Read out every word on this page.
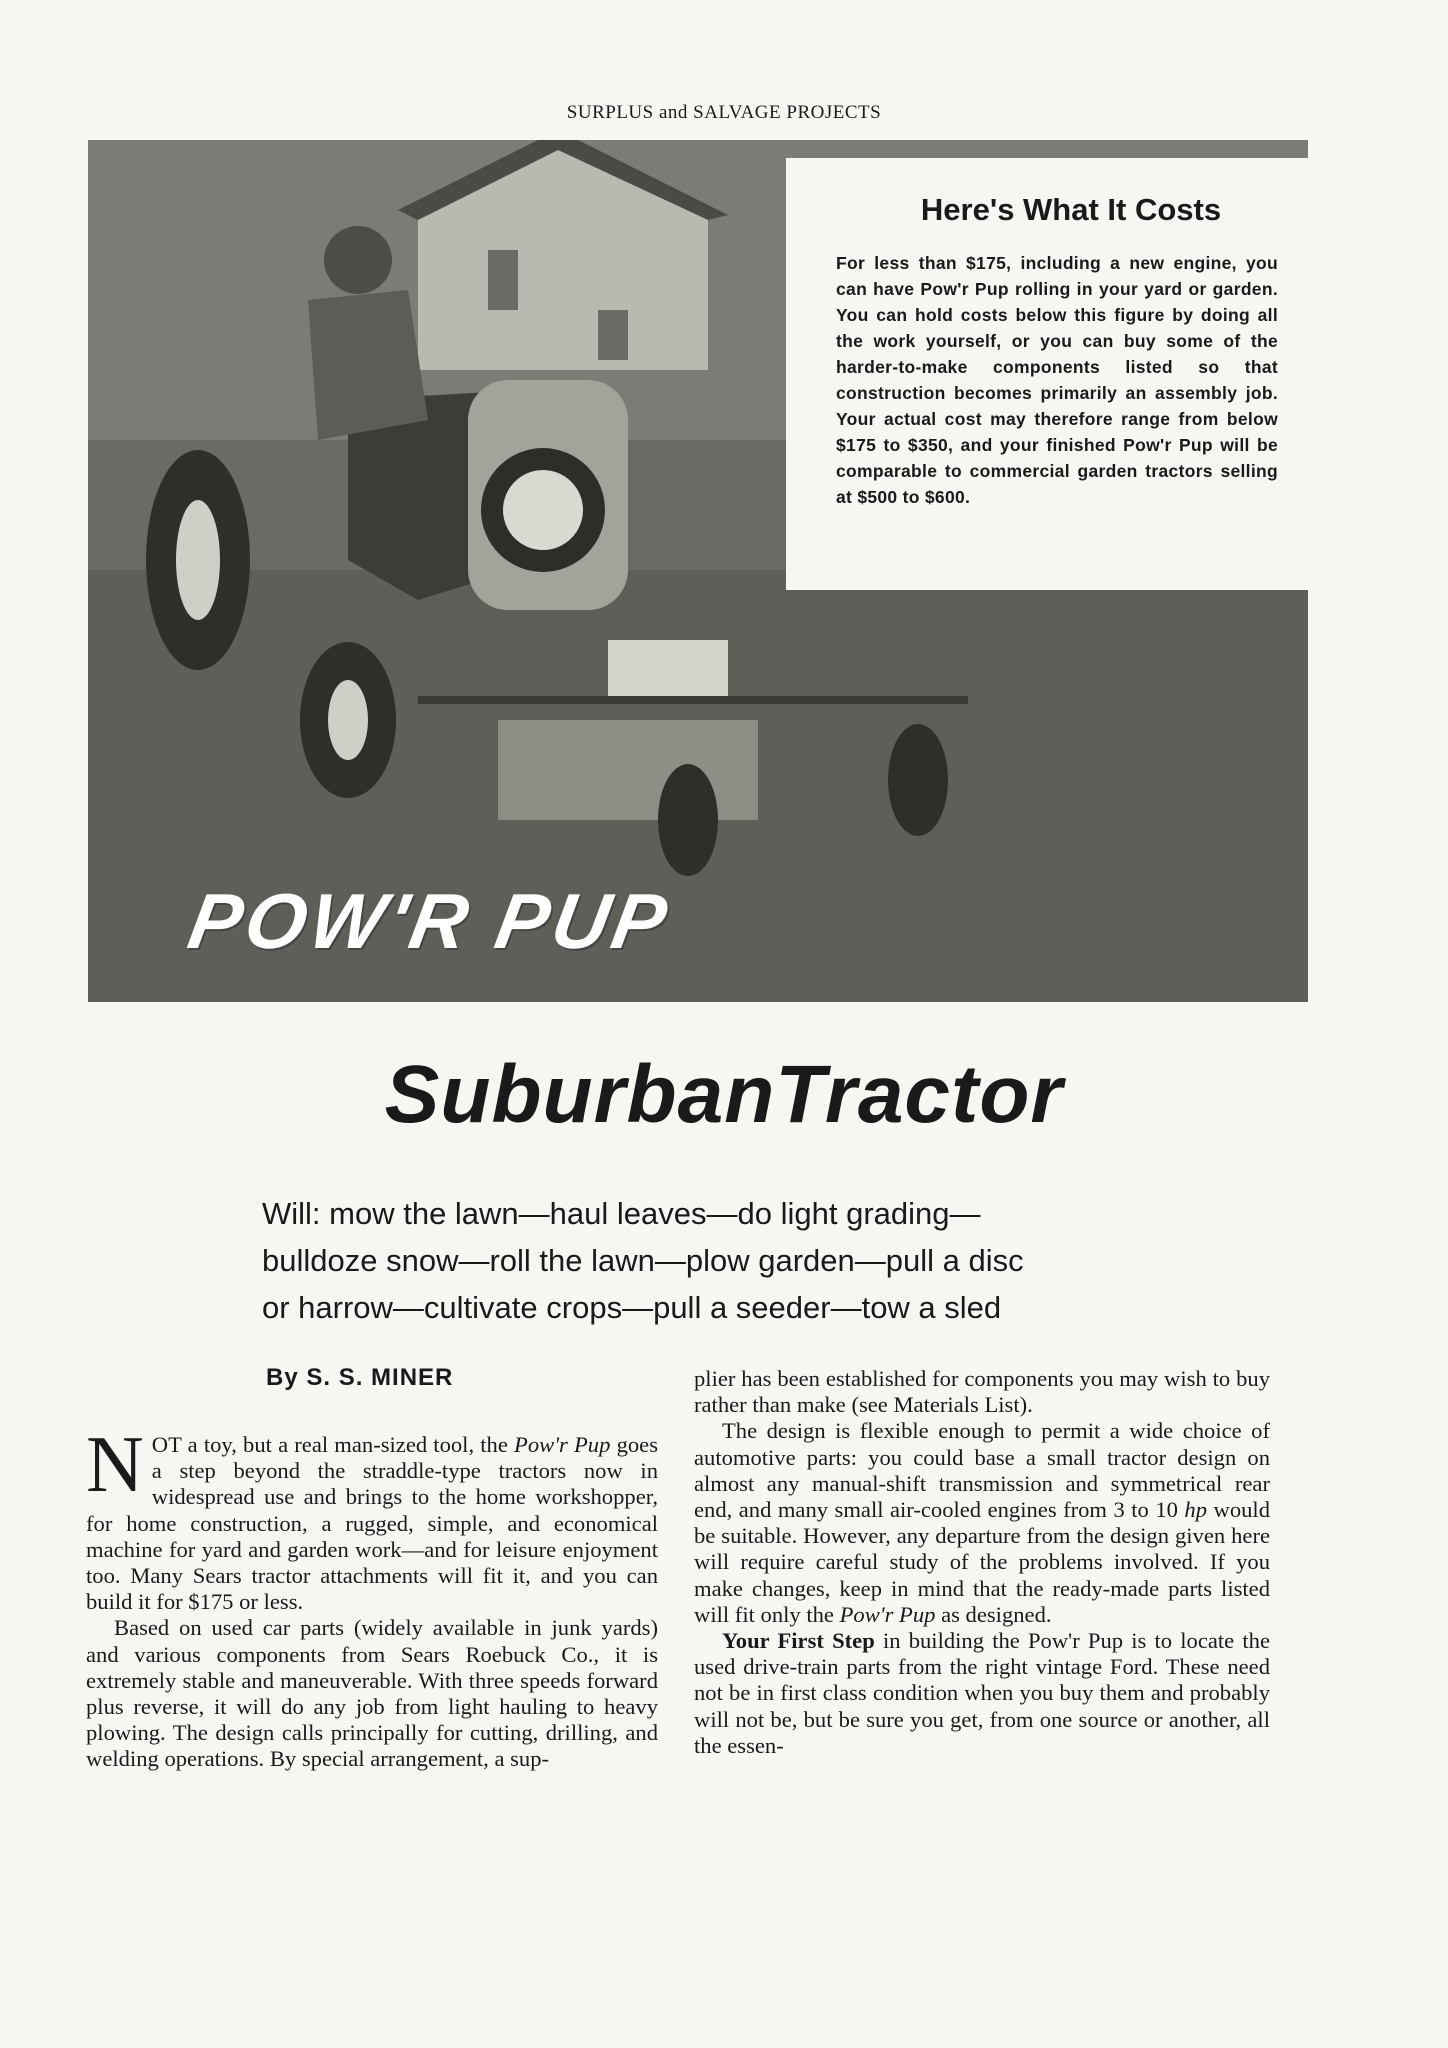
SURPLUS and SALVAGE PROJECTS
Here's What It Costs

For less than $175, including a new engine, you can have Pow'r Pup rolling in your yard or garden. You can hold costs below this figure by doing all the work yourself, or you can buy some of the harder-to-make components listed so that construction becomes primarily an assembly job. Your actual cost may therefore range from below $175 to $350, and your finished Pow'r Pup will be comparable to commercial garden tractors selling at $500 to $600.

POW'R PUP
SuburbanTractor
Will: mow the lawn—haul leaves—do light grading—
bulldoze snow—roll the lawn—plow garden—pull a disc
or harrow—cultivate crops—pull a seeder—tow a sled
By S. S. MINER

NOT a toy, but a real man-sized tool, the Pow'r Pup goes a step beyond the straddle-type tractors now in widespread use and brings to the home workshopper, for home construction, a rugged, simple, and economical machine for yard and garden work—and for leisure enjoyment too. Many Sears tractor attachments will fit it, and you can build it for $175 or less.

Based on used car parts (widely available in junk yards) and various components from Sears Roebuck Co., it is extremely stable and maneuverable. With three speeds forward plus reverse, it will do any job from light hauling to heavy plowing. The design calls principally for cutting, drilling, and welding operations. By special arrangement, a sup-

plier has been established for components you may wish to buy rather than make (see Materials List).

The design is flexible enough to permit a wide choice of automotive parts: you could base a small tractor design on almost any manual-shift transmission and symmetrical rear end, and many small air-cooled engines from 3 to 10 hp would be suitable. However, any departure from the design given here will require careful study of the problems involved. If you make changes, keep in mind that the ready-made parts listed will fit only the Pow'r Pup as designed.

Your First Step in building the Pow'r Pup is to locate the used drive-train parts from the right vintage Ford. These need not be in first class condition when you buy them and probably will not be, but be sure you get, from one source or another, all the essen-
